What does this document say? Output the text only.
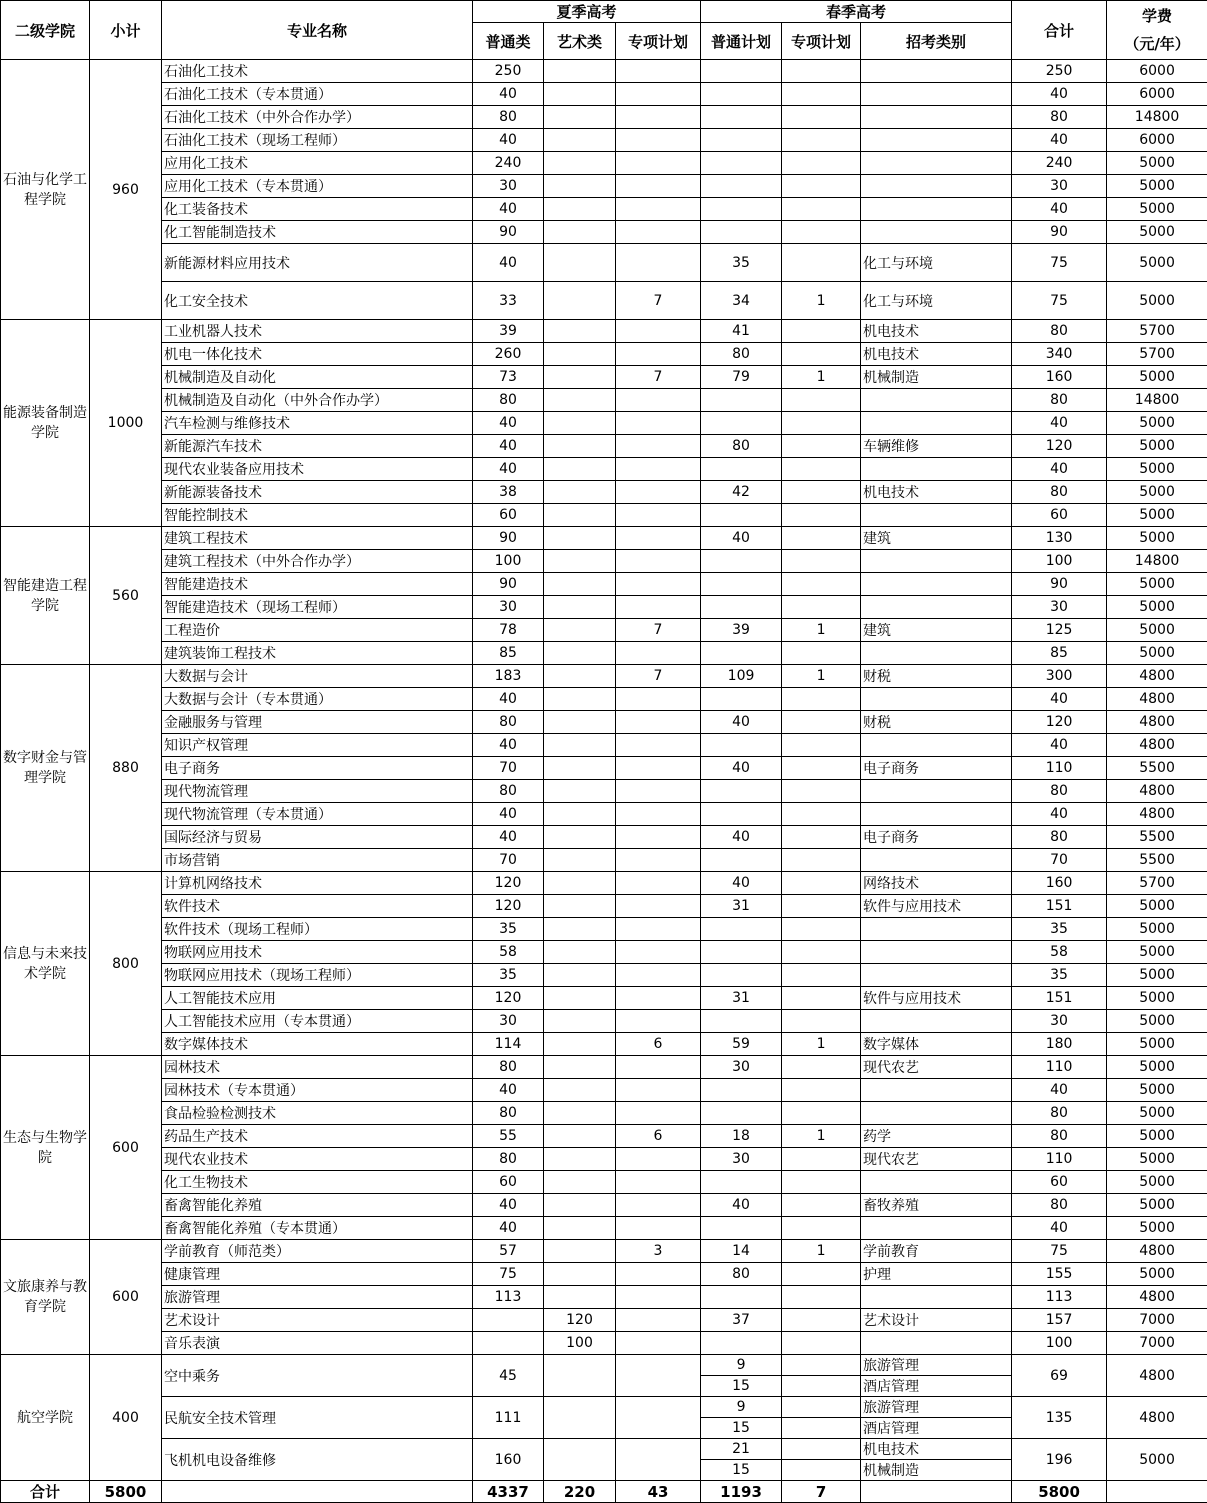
二级学院	小计	专业名称	夏季高考			春季高考			合计	学费
（元/年）
			普通类	艺术类	专项计划	普通计划	专项计划	招考类别		
石油与化学工程学院	960	石油化工技术	250						250	6000
		石油化工技术（专本贯通）	40						40	6000
		石油化工技术（中外合作办学）	80						80	14800
		石油化工技术（现场工程师）	40						40	6000
		应用化工技术	240						240	5000
		应用化工技术（专本贯通）	30						30	5000
		化工装备技术	40						40	5000
		化工智能制造技术	90						90	5000
		新能源材料应用技术	40			35		化工与环境	75	5000
		化工安全技术	33		7	34	1	化工与环境	75	5000
能源装备制造学院	1000	工业机器人技术	39			41		机电技术	80	5700
		机电一体化技术	260			80		机电技术	340	5700
		机械制造及自动化	73		7	79	1	机械制造	160	5000
		机械制造及自动化（中外合作办学）	80						80	14800
		汽车检测与维修技术	40						40	5000
		新能源汽车技术	40			80		车辆维修	120	5000
		现代农业装备应用技术	40						40	5000
		新能源装备技术	38			42		机电技术	80	5000
		智能控制技术	60						60	5000
智能建造工程学院	560	建筑工程技术	90			40		建筑	130	5000
		建筑工程技术（中外合作办学）	100						100	14800
		智能建造技术	90						90	5000
		智能建造技术（现场工程师）	30						30	5000
		工程造价	78		7	39	1	建筑	125	5000
		建筑装饰工程技术	85						85	5000
数字财金与管理学院	880	大数据与会计	183		7	109	1	财税	300	4800
		大数据与会计（专本贯通）	40						40	4800
		金融服务与管理	80			40		财税	120	4800
		知识产权管理	40						40	4800
		电子商务	70			40		电子商务	110	5500
		现代物流管理	80						80	4800
		现代物流管理（专本贯通）	40						40	4800
		国际经济与贸易	40			40		电子商务	80	5500
		市场营销	70						70	5500
信息与未来技术学院	800	计算机网络技术	120			40		网络技术	160	5700
		软件技术	120			31		软件与应用技术	151	5000
		软件技术（现场工程师）	35						35	5000
		物联网应用技术	58						58	5000
		物联网应用技术（现场工程师）	35						35	5000
		人工智能技术应用	120			31		软件与应用技术	151	5000
		人工智能技术应用（专本贯通）	30						30	5000
		数字媒体技术	114		6	59	1	数字媒体	180	5000
生态与生物学院	600	园林技术	80			30		现代农艺	110	5000
		园林技术（专本贯通）	40						40	5000
		食品检验检测技术	80						80	5000
		药品生产技术	55		6	18	1	药学	80	5000
		现代农业技术	80			30		现代农艺	110	5000
		化工生物技术	60						60	5000
		畜禽智能化养殖	40			40		畜牧养殖	80	5000
		畜禽智能化养殖（专本贯通）	40						40	5000
文旅康养与教育学院	600	学前教育（师范类）	57		3	14	1	学前教育	75	4800
		健康管理	75			80		护理	155	5000
		旅游管理	113						113	4800
		艺术设计		120		37		艺术设计	157	7000
		音乐表演		100					100	7000
航空学院	400	空中乘务	45			9		旅游管理	69	4800
						15		酒店管理		
		民航安全技术管理	111			9		旅游管理	135	4800
						15		酒店管理		
		飞机机电设备维修	160			21		机电技术	196	5000
						15		机械制造		
合计	5800		4337	220	43	1193	7		5800	
